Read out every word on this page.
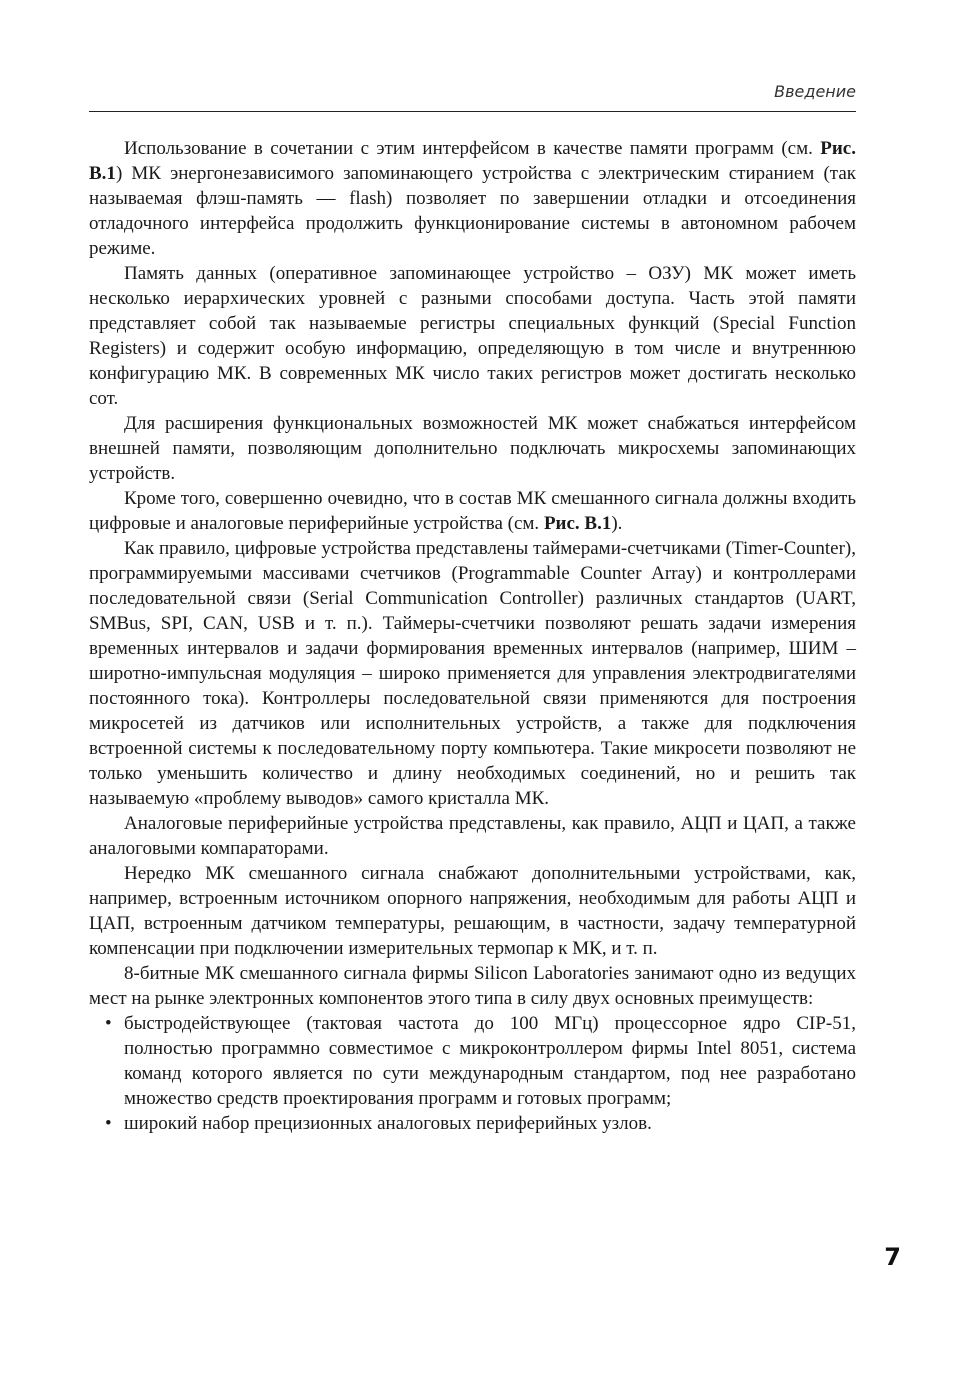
Введение

Использование в сочетании с этим интерфейсом в качестве памяти программ (см. Рис. В.1) МК энергонезависимого запоминающего устройства с электрическим стиранием (так называемая флэш-память — flash) позволяет по завершении отладки и отсоединения отладочного интерфейса продолжить функционирование системы в автономном рабочем режиме.

Память данных (оперативное запоминающее устройство – ОЗУ) МК может иметь несколько иерархических уровней с разными способами доступа. Часть этой памяти представляет собой так называемые регистры специальных функций (Special Function Registers) и содержит особую информацию, определяющую в том числе и внутреннюю конфигурацию МК. В современных МК число таких регистров может достигать несколько сот.

Для расширения функциональных возможностей МК может снабжаться интерфейсом внешней памяти, позволяющим дополнительно подключать микросхемы запоминающих устройств.

Кроме того, совершенно очевидно, что в состав МК смешанного сигнала должны входить цифровые и аналоговые периферийные устройства (см. Рис. В.1).

Как правило, цифровые устройства представлены таймерами-счетчиками (Timer-Counter), программируемыми массивами счетчиков (Programmable Counter Array) и контроллерами последовательной связи (Serial Communication Controller) различных стандартов (UART, SMBus, SPI, CAN, USB и т. п.). Таймеры-счетчики позволяют решать задачи измерения временных интервалов и задачи формирования временных интервалов (например, ШИМ – широтно-импульсная модуляция – широко применяется для управления электродвигателями постоянного тока). Контроллеры последовательной связи применяются для построения микросетей из датчиков или исполнительных устройств, а также для подключения встроенной системы к последовательному порту компьютера. Такие микросети позволяют не только уменьшить количество и длину необходимых соединений, но и решить так называемую «проблему выводов» самого кристалла МК.

Аналоговые периферийные устройства представлены, как правило, АЦП и ЦАП, а также аналоговыми компараторами.

Нередко МК смешанного сигнала снабжают дополнительными устройствами, как, например, встроенным источником опорного напряжения, необходимым для работы АЦП и ЦАП, встроенным датчиком температуры, решающим, в частности, задачу температурной компенсации при подключении измерительных термопар к МК, и т. п.

8-битные МК смешанного сигнала фирмы Silicon Laboratories занимают одно из ведущих мест на рынке электронных компонентов этого типа в силу двух основных преимуществ:

• быстродействующее (тактовая частота до 100 МГц) процессорное ядро CIP-51, полностью программно совместимое с микроконтроллером фирмы Intel 8051, система команд которого является по сути международным стандартом, под нее разработано множество средств проектирования программ и готовых программ;
• широкий набор прецизионных аналоговых периферийных узлов.
7
